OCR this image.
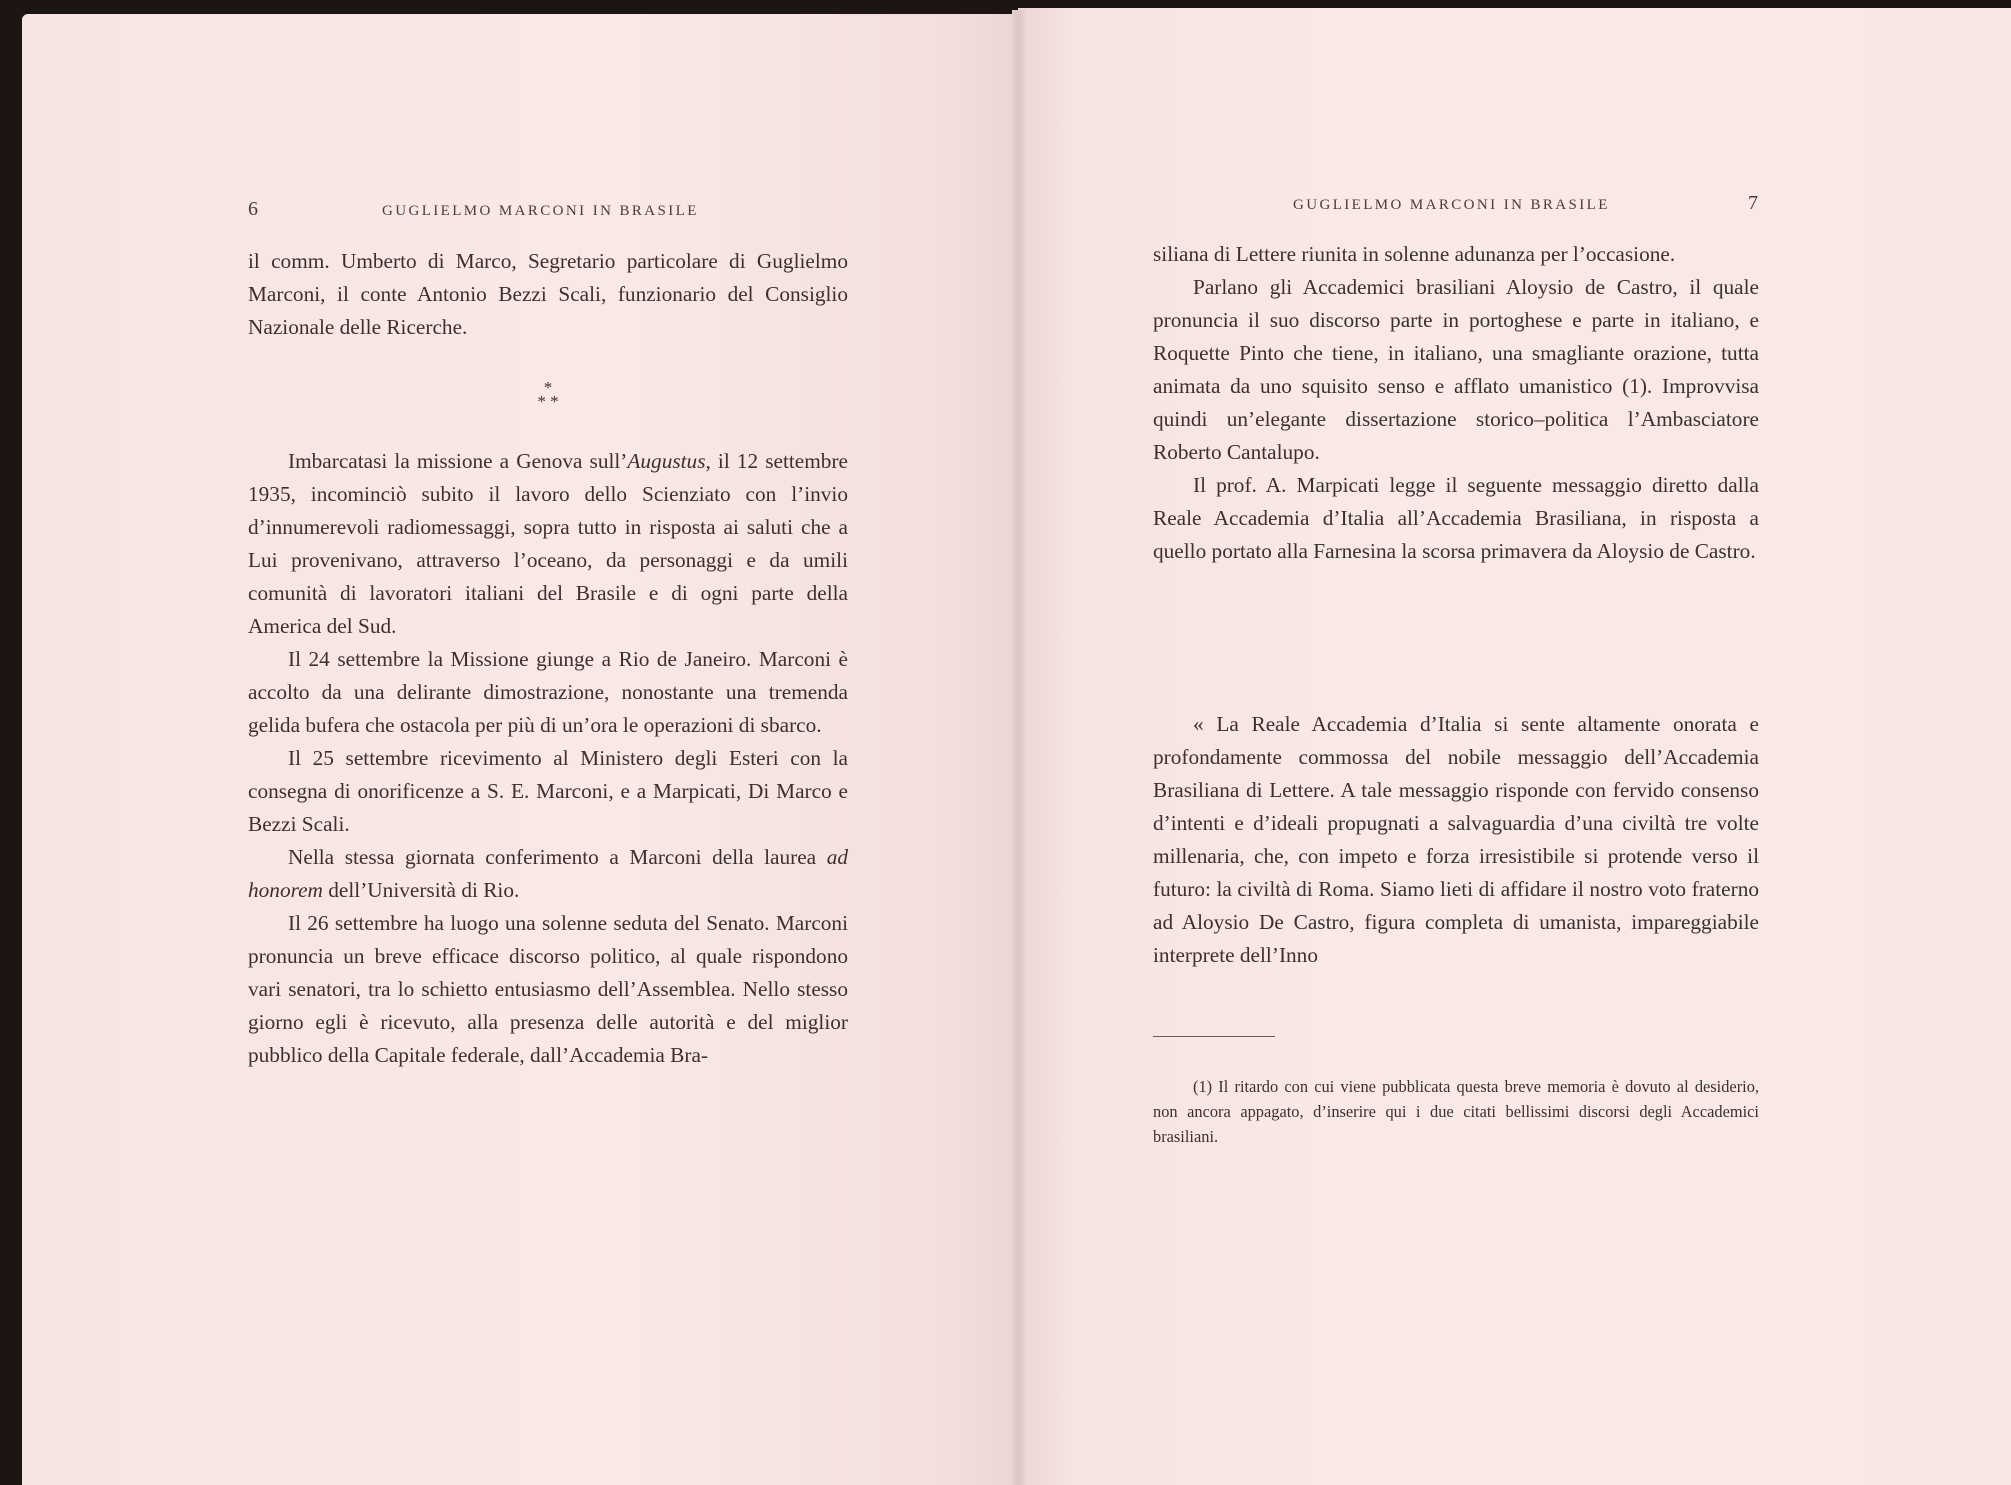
6	GUGLIELMO MARCONI IN BRASILE

il comm. Umberto di Marco, Segretario particolare di Guglielmo Marconi, il conte Antonio Bezzi Scali, funzionario del Consiglio Nazionale delle Ricerche.

*
* *

Imbarcatasi la missione a Genova sull’Augustus, il 12 settembre 1935, incominciò subito il lavoro dello Scienziato con l’invio d’innumerevoli radiomessaggi, sopra tutto in risposta ai saluti che a Lui provenivano, attraverso l’oceano, da personaggi e da umili comunità di lavoratori italiani del Brasile e di ogni parte della America del Sud.

Il 24 settembre la Missione giunge a Rio de Janeiro. Marconi è accolto da una delirante dimostrazione, nonostante una tremenda gelida bufera che ostacola per più di un’ora le operazioni di sbarco.

Il 25 settembre ricevimento al Ministero degli Esteri con la consegna di onorificenze a S. E. Marconi, e a Marpicati, Di Marco e Bezzi Scali.

Nella stessa giornata conferimento a Marconi della laurea ad honorem dell’Università di Rio.

Il 26 settembre ha luogo una solenne seduta del Senato. Marconi pronuncia un breve efficace discorso politico, al quale rispondono vari senatori, tra lo schietto entusiasmo dell’Assemblea. Nello stesso giorno egli è ricevuto, alla presenza delle autorità e del miglior pubblico della Capitale federale, dall’Accademia Bra-

GUGLIELMO MARCONI IN BRASILE	7

siliana di Lettere riunita in solenne adunanza per l’occasione.

Parlano gli Accademici brasiliani Aloysio de Castro, il quale pronuncia il suo discorso parte in portoghese e parte in italiano, e Roquette Pinto che tiene, in italiano, una smagliante orazione, tutta animata da uno squisito senso e afflato umanistico (1). Improvvisa quindi un’elegante dissertazione storico–politica l’Ambasciatore Roberto Cantalupo.

Il prof. A. Marpicati legge il seguente messaggio diretto dalla Reale Accademia d’Italia all’Accademia Brasiliana, in risposta a quello portato alla Farnesina la scorsa primavera da Aloysio de Castro.

« La Reale Accademia d’Italia si sente altamente onorata e profondamente commossa del nobile messaggio dell’Accademia Brasiliana di Lettere. A tale messaggio risponde con fervido consenso d’intenti e d’ideali propugnati a salvaguardia d’una civiltà tre volte millenaria, che, con impeto e forza irresistibile si protende verso il futuro: la civiltà di Roma. Siamo lieti di affidare il nostro voto fraterno ad Aloysio De Castro, figura completa di umanista, impareggiabile interprete dell’Inno

(1) Il ritardo con cui viene pubblicata questa breve memoria è dovuto al desiderio, non ancora appagato, d’inserire qui i due citati bellissimi discorsi degli Accademici brasiliani.
